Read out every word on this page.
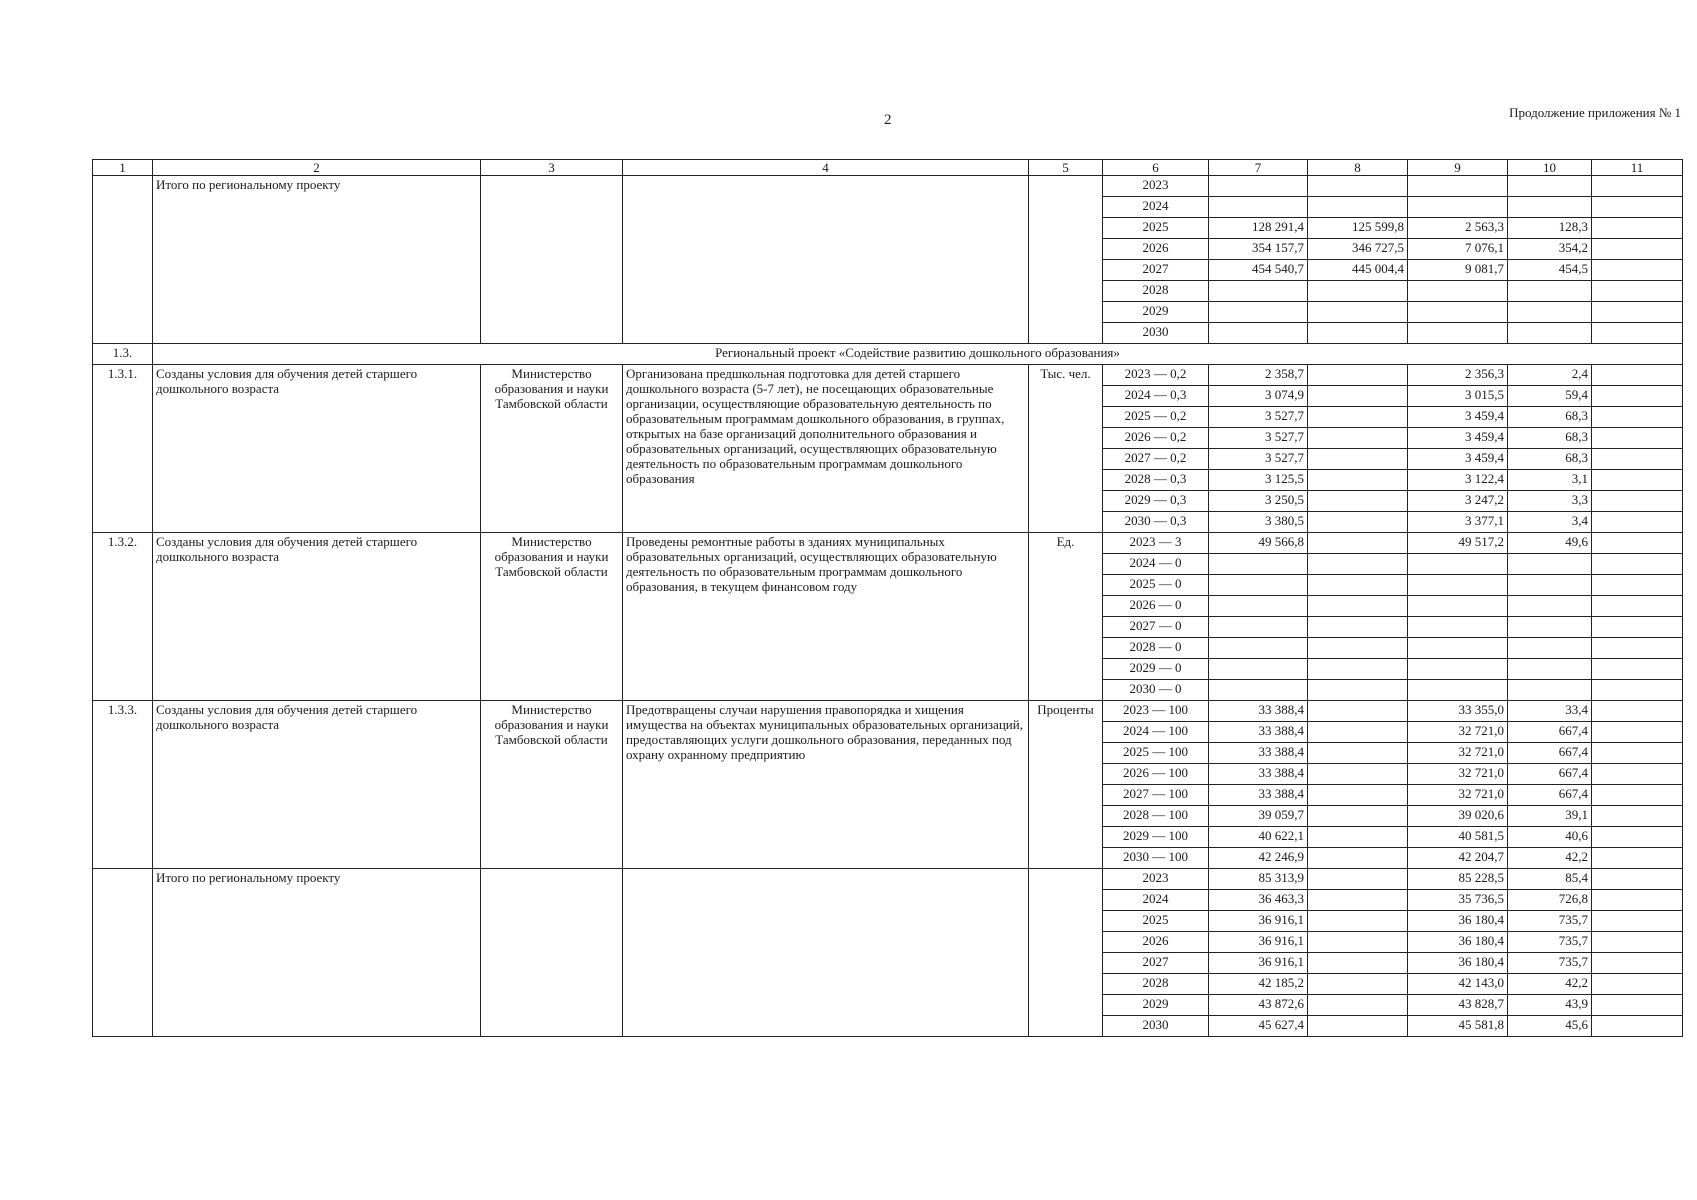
2	Продолжение приложения № 1
1	2	3	4	5	6	7	8	9	10	11
	Итого по региональному проекту				2023					
					2024					
					2025	128 291,4	125 599,8	2 563,3	128,3	
					2026	354 157,7	346 727,5	7 076,1	354,2	
					2027	454 540,7	445 004,4	9 081,7	454,5	
					2028					
					2029					
					2030					
1.3.	Региональный проект «Содействие развитию дошкольного образования»									
1.3.1.	Созданы условия для обучения детей старшего дошкольного возраста	Министерство образования и науки Тамбовской области	Организована предшкольная подготовка для детей старшего дошкольного возраста (5-7 лет), не посещающих образовательные организации, осуществляющие образовательную деятельность по образовательным программам дошкольного образования, в группах, открытых на базе организаций дополнительного образования и образовательных организаций, осуществляющих образовательную деятельность по образовательным программам дошкольного образования	Тыс. чел.	2023 — 0,2	2 358,7		2 356,3	2,4	
					2024 — 0,3	3 074,9		3 015,5	59,4	
					2025 — 0,2	3 527,7		3 459,4	68,3	
					2026 — 0,2	3 527,7		3 459,4	68,3	
					2027 — 0,2	3 527,7		3 459,4	68,3	
					2028 — 0,3	3 125,5		3 122,4	3,1	
					2029 — 0,3	3 250,5		3 247,2	3,3	
					2030 — 0,3	3 380,5		3 377,1	3,4	
1.3.2.	Созданы условия для обучения детей старшего дошкольного возраста	Министерство образования и науки Тамбовской области	Проведены ремонтные работы в зданиях муниципальных образовательных организаций, осуществляющих образовательную деятельность по образовательным программам дошкольного образования, в текущем финансовом году	Ед.	2023 — 3	49 566,8		49 517,2	49,6	
					2024 — 0					
					2025 — 0					
					2026 — 0					
					2027 — 0					
					2028 — 0					
					2029 — 0					
					2030 — 0					
1.3.3.	Созданы условия для обучения детей старшего дошкольного возраста	Министерство образования и науки Тамбовской области	Предотвращены случаи нарушения правопорядка и хищения имущества на объектах муниципальных образовательных организаций, предоставляющих услуги дошкольного образования, переданных под охрану охранному предприятию	Проценты	2023 — 100	33 388,4		33 355,0	33,4	
					2024 — 100	33 388,4		32 721,0	667,4	
					2025 — 100	33 388,4		32 721,0	667,4	
					2026 — 100	33 388,4		32 721,0	667,4	
					2027 — 100	33 388,4		32 721,0	667,4	
					2028 — 100	39 059,7		39 020,6	39,1	
					2029 — 100	40 622,1		40 581,5	40,6	
					2030 — 100	42 246,9		42 204,7	42,2	
	Итого по региональному проекту				2023	85 313,9		85 228,5	85,4	
					2024	36 463,3		35 736,5	726,8	
					2025	36 916,1		36 180,4	735,7	
					2026	36 916,1		36 180,4	735,7	
					2027	36 916,1		36 180,4	735,7	
					2028	42 185,2		42 143,0	42,2	
					2029	43 872,6		43 828,7	43,9	
					2030	45 627,4		45 581,8	45,6	
